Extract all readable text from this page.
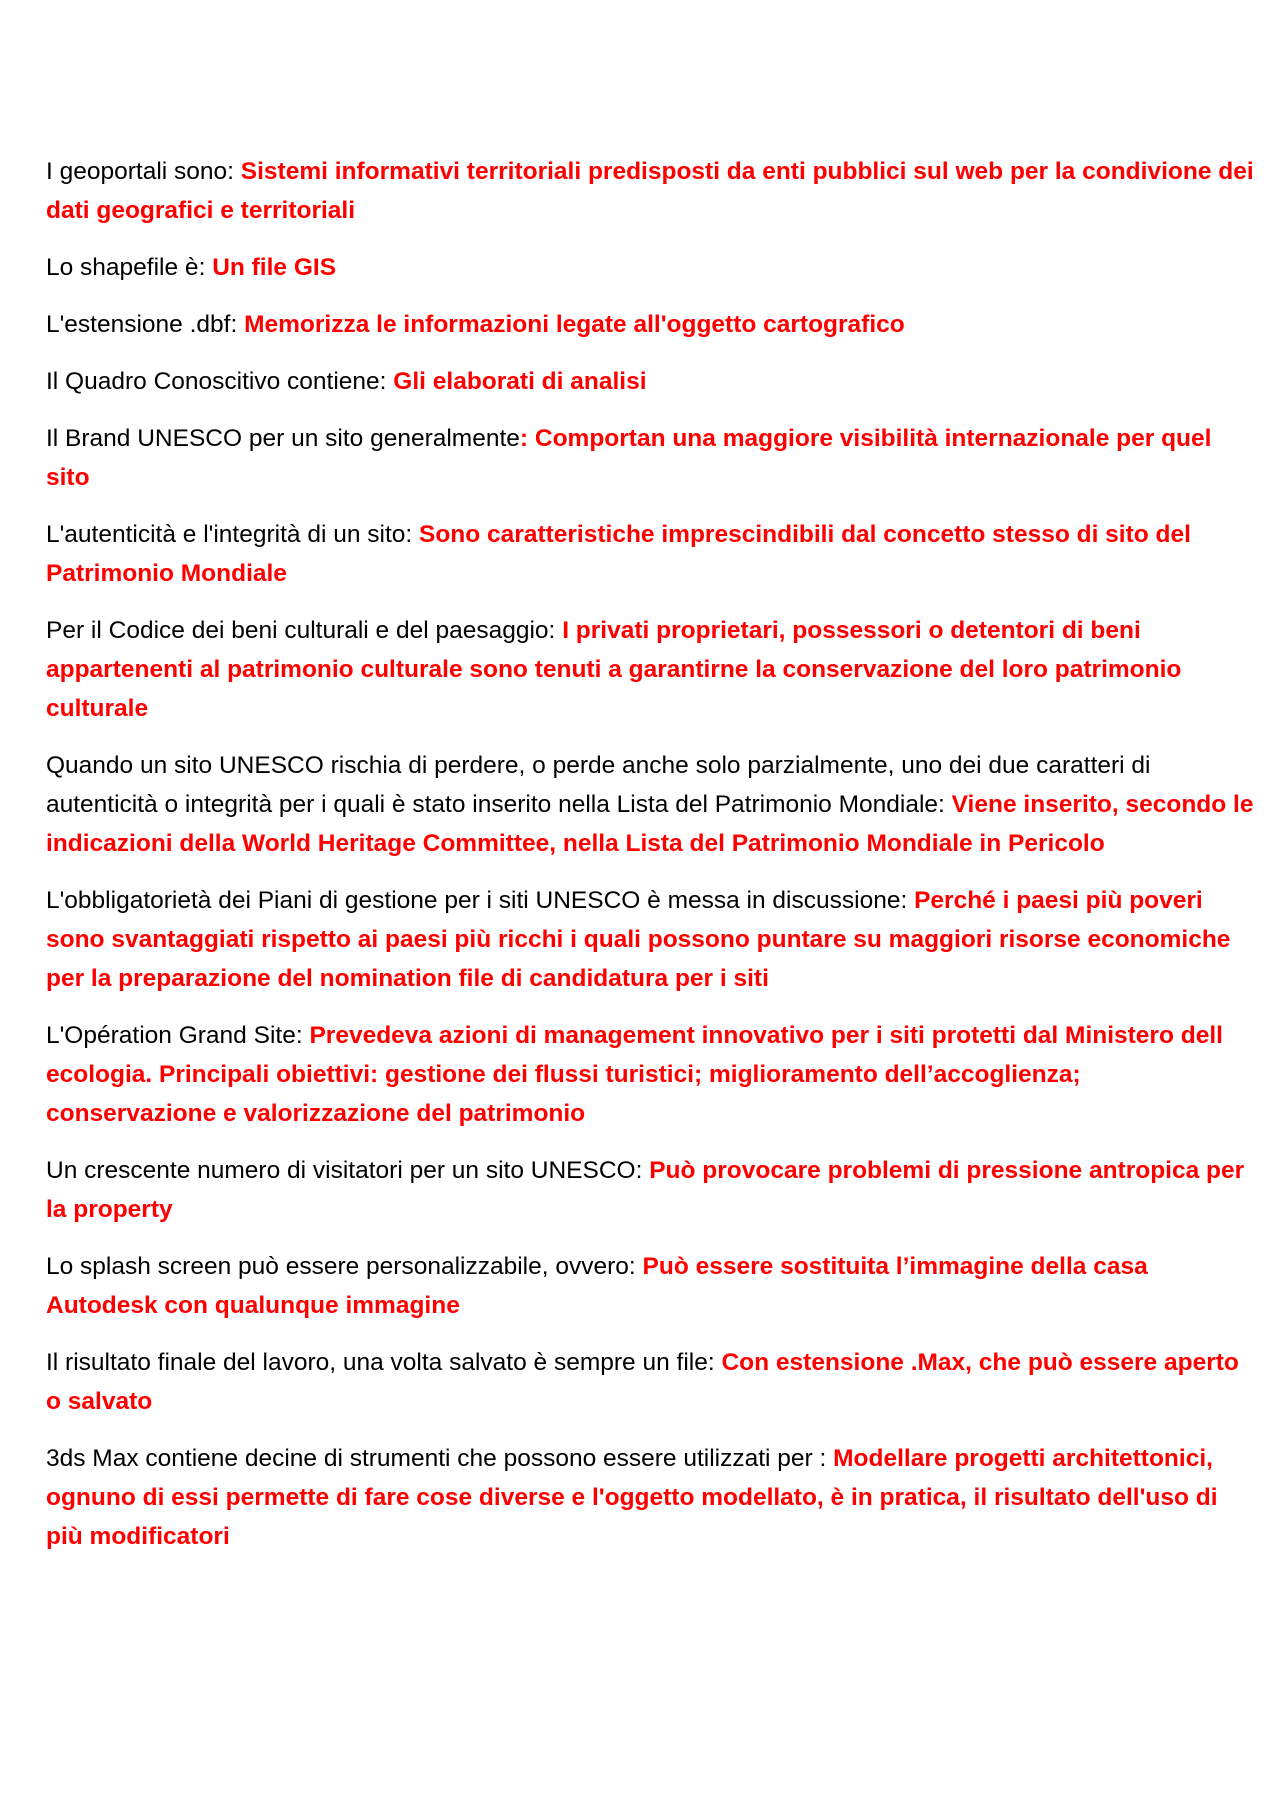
I geoportali sono: Sistemi informativi territoriali predisposti da enti pubblici sul web per la condivione dei dati geografici e territoriali

Lo shapefile è: Un file GIS

L'estensione .dbf: Memorizza le informazioni legate all'oggetto cartografico

Il Quadro Conoscitivo contiene: Gli elaborati di analisi

Il Brand UNESCO per un sito generalmente: Comportan una maggiore visibilità internazionale per quel sito

L'autenticità e l'integrità di un sito: Sono caratteristiche imprescindibili dal concetto stesso di sito del Patrimonio Mondiale

Per il Codice dei beni culturali e del paesaggio: I privati proprietari, possessori o detentori di beni appartenenti al patrimonio culturale sono tenuti a garantirne la conservazione del loro patrimonio culturale

Quando un sito UNESCO rischia di perdere, o perde anche solo parzialmente, uno dei due caratteri di autenticità o integrità per i quali è stato inserito nella Lista del Patrimonio Mondiale: Viene inserito, secondo le indicazioni della World Heritage Committee, nella Lista del Patrimonio Mondiale in Pericolo

L'obbligatorietà dei Piani di gestione per i siti UNESCO è messa in discussione: Perché i paesi più poveri sono svantaggiati rispetto ai paesi più ricchi i quali possono puntare su maggiori risorse economiche per la preparazione del nomination file di candidatura per i siti

L'Opération Grand Site: Prevedeva azioni di management innovativo per i siti protetti dal Ministero dell ecologia. Principali obiettivi: gestione dei flussi turistici; miglioramento dell’accoglienza; conservazione e valorizzazione del patrimonio

Un crescente numero di visitatori per un sito UNESCO: Può provocare problemi di pressione antropica per la property

Lo splash screen può essere personalizzabile, ovvero: Può essere sostituita l’immagine della casa Autodesk con qualunque immagine

Il risultato finale del lavoro, una volta salvato è sempre un file: Con estensione .Max, che può essere aperto o salvato

3ds Max contiene decine di strumenti che possono essere utilizzati per : Modellare progetti architettonici, ognuno di essi permette di fare cose diverse e l'oggetto modellato, è in pratica, il risultato dell'uso di più modificatori
